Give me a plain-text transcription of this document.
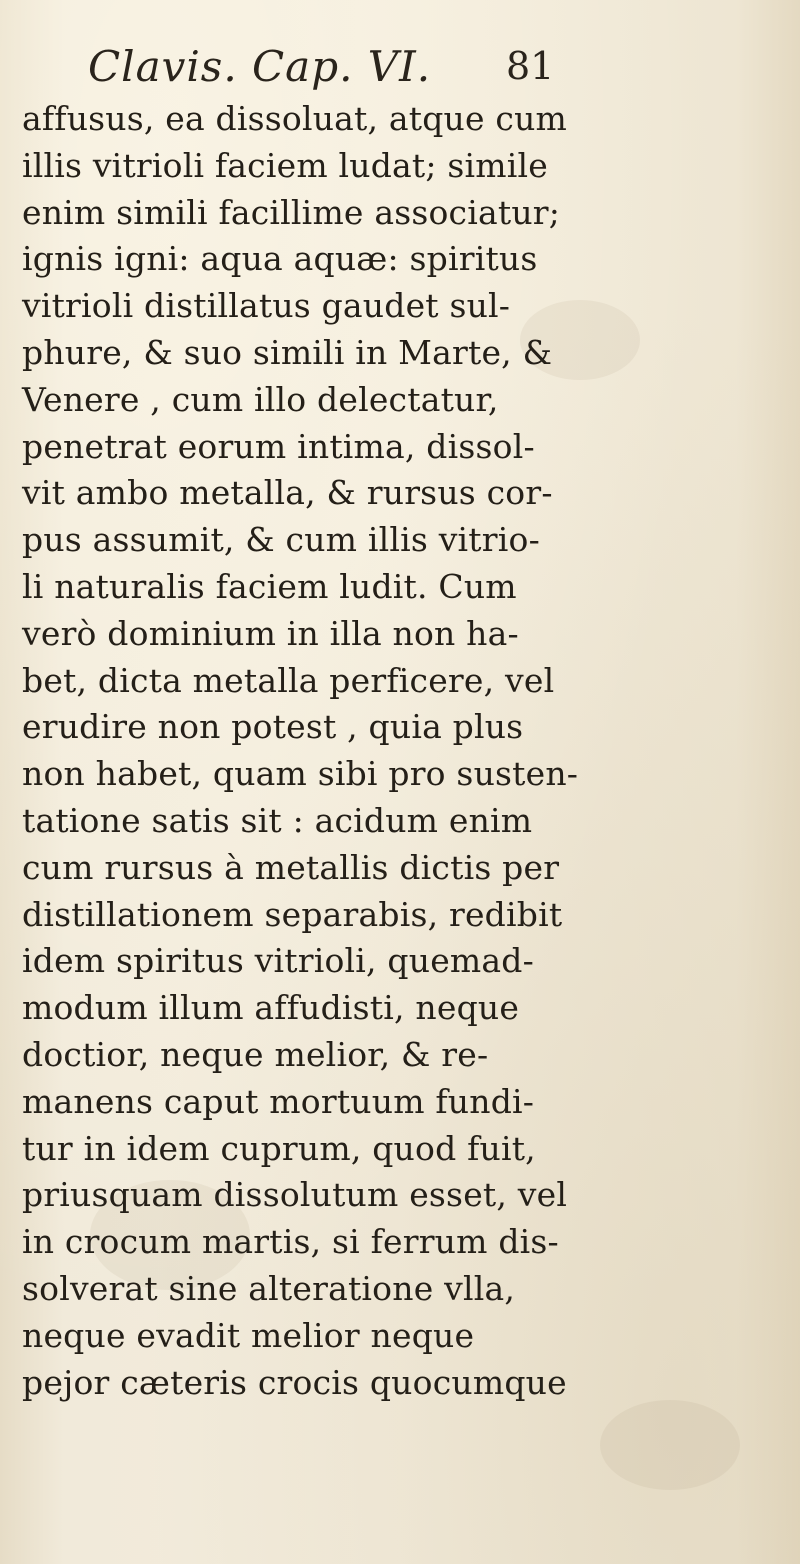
Clavis. Cap. VI. 81
affusus, ea dissoluat, atque cum
illis vitrioli faciem ludat; simile
enim simili facillime associatur;
ignis igni: aqua aquæ: spiritus
vitrioli distillatus gaudet sul-
phure, & suo simili in Marte, &
Venere , cum illo delectatur,
penetrat eorum intima, dissol-
vit ambo metalla, & rursus cor-
pus assumit, & cum illis vitrio-
li naturalis faciem ludit. Cum
verò dominium in illa non ha-
bet, dicta metalla perficere, vel
erudire non potest , quia plus
non habet, quam sibi pro susten-
tatione satis sit : acidum enim
cum rursus à metallis dictis per
distillationem separabis, redibit
idem spiritus vitrioli, quemad-
modum illum affudisti, neque
doctior, neque melior, & re-
manens caput mortuum fundi-
tur in idem cuprum, quod fuit,
priusquam dissolutum esset, vel
in crocum martis, si ferrum dis-
solverat sine alteratione vlla,
neque evadit melior neque
pejor cæteris crocis quocumque
